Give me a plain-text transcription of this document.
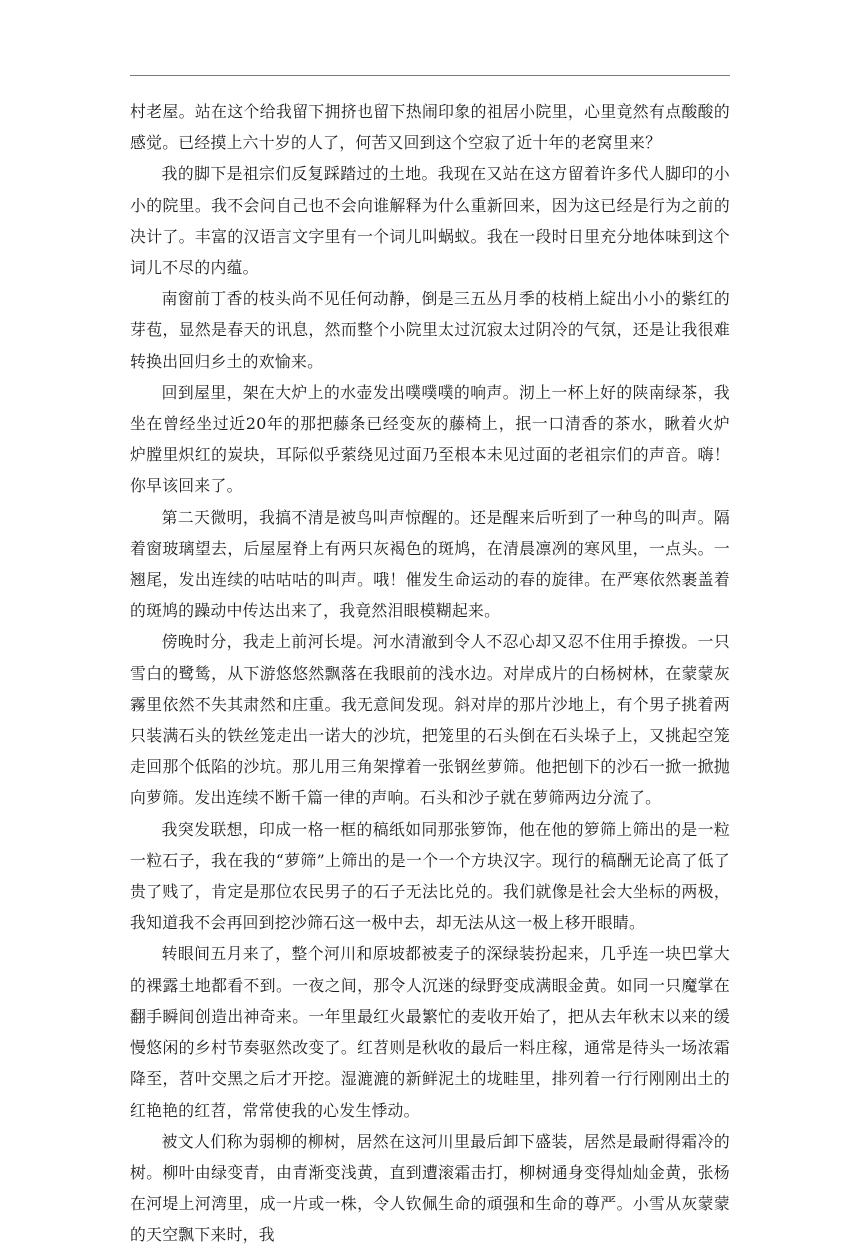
村老屋。站在这个给我留下拥挤也留下热闹印象的祖居小院里，心里竟然有点酸酸的感觉。已经摸上六十岁的人了，何苦又回到这个空寂了近十年的老窝里来？

我的脚下是祖宗们反复踩踏过的土地。我现在又站在这方留着许多代人脚印的小小的院里。我不会问自己也不会向谁解释为什么重新回来，因为这已经是行为之前的决计了。丰富的汉语言文字里有一个词儿叫蜗蚁。我在一段时日里充分地体味到这个词儿不尽的内蕴。

南窗前丁香的枝头尚不见任何动静，倒是三五丛月季的枝梢上綻出小小的紫红的芽苞，显然是春天的讯息，然而整个小院里太过沉寂太过阴冷的气氛，还是让我很难转换出回归乡土的欢愉来。

回到屋里，架在大炉上的水壶发出噗噗噗的响声。沏上一杯上好的陕南绿茶，我坐在曾经坐过近20年的那把藤条已经变灰的藤椅上，抿一口清香的茶水，瞅着火炉炉膛里炽红的炭块，耳际似乎萦绕见过面乃至根本未见过面的老祖宗们的声音。嗨！你早该回来了。

第二天微明，我搞不清是被鸟叫声惊醒的。还是醒来后听到了一种鸟的叫声。隔着窗玻璃望去，后屋屋脊上有两只灰褐色的斑鸠，在清晨凛冽的寒风里，一点头。一翘尾，发出连续的咕咕咕的叫声。哦！催发生命运动的春的旋律。在严寒依然裹盖着的斑鸠的躁动中传达出来了，我竟然泪眼模糊起来。

傍晚时分，我走上前河长堤。河水清澈到令人不忍心却又忍不住用手撩拨。一只雪白的鹭鸶，从下游悠悠然飘落在我眼前的浅水边。对岸成片的白杨树林，在蒙蒙灰霧里依然不失其肃然和庄重。我无意间发现。斜对岸的那片沙地上，有个男子挑着两只装满石头的铁丝笼走出一诺大的沙坑，把笼里的石头倒在石头垛子上，又挑起空笼走回那个低陷的沙坑。那儿用三角架撑着一张钢丝萝筛。他把刨下的沙石一掀一掀抛向萝筛。发出连续不断千篇一律的声响。石头和沙子就在萝筛两边分流了。

我突发联想，印成一格一框的稿纸如同那张箩饰，他在他的箩筛上筛出的是一粒一粒石子，我在我的“萝筛”上筛出的是一个一个方块汉字。现行的稿酬无论高了低了贵了贱了，肯定是那位农民男子的石子无法比兑的。我们就像是社会大坐标的两极，我知道我不会再回到挖沙筛石这一极中去，却无法从这一极上移开眼睛。

转眼间五月来了，整个河川和原坡都被麦子的深绿装扮起来，几乎连一块巴掌大的裸露土地都看不到。一夜之间，那令人沉迷的绿野变成满眼金黄。如同一只魔掌在翻手瞬间创造出神奇来。一年里最红火最繁忙的麦收开始了，把从去年秋末以来的缓慢悠闲的乡村节奏驱然改变了。红苕则是秋收的最后一料庄稼，通常是待头一场浓霜降至，苕叶交黑之后才开挖。湿漉漉的新鲜泥土的垅畦里，排列着一行行刚刚出土的红艳艳的红苕，常常使我的心发生悸动。

被文人们称为弱柳的柳树，居然在这河川里最后卸下盛装，居然是最耐得霜冷的树。柳叶由绿变青，由青渐变浅黄，直到遭滚霜击打，柳树通身变得灿灿金黄，张杨在河堤上河湾里，成一片或一株，令人钦佩生命的頑强和生命的尊严。小雪从灰蒙蒙的天空飘下来时，我
